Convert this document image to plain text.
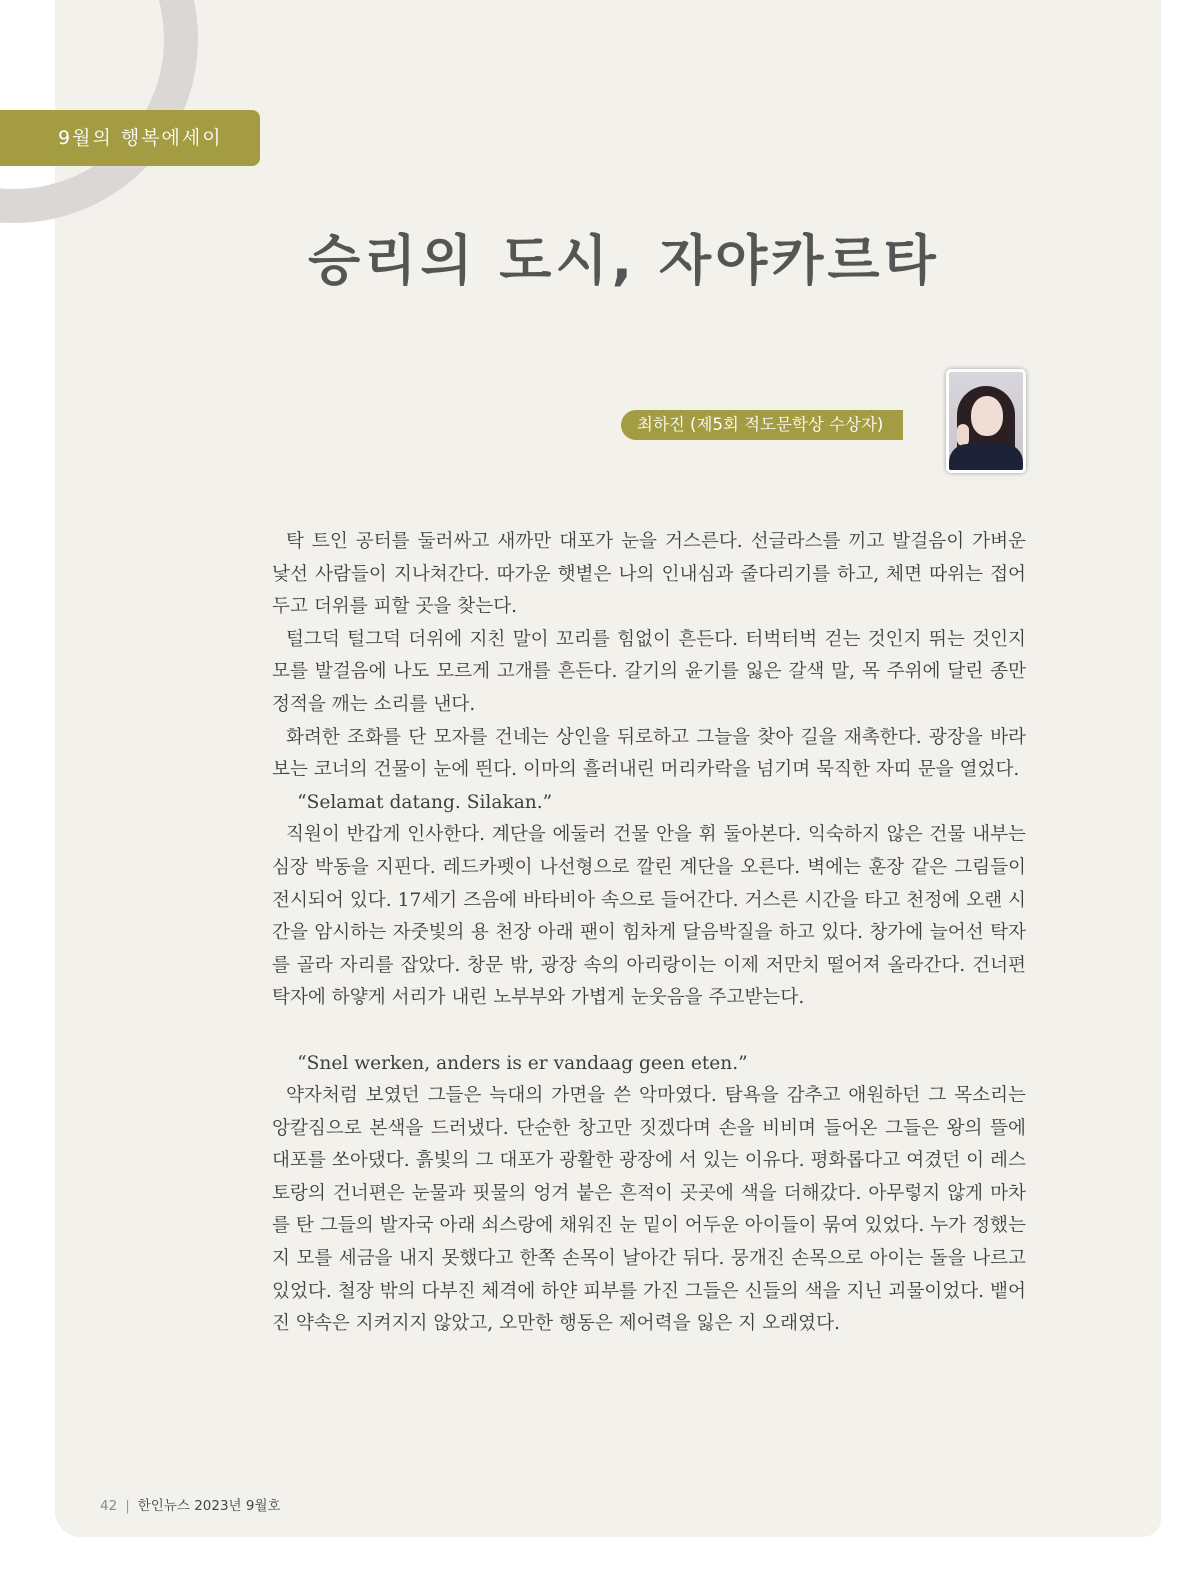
9월의 행복에세이
승리의 도시, 자야카르타
최하진 (제5회 적도문학상 수상자)

탁 트인 공터를 둘러싸고 새까만 대포가 눈을 거스른다. 선글라스를 끼고 발걸음이 가벼운 낯선 사람들이 지나쳐간다. 따가운 햇볕은 나의 인내심과 줄다리기를 하고, 체면 따위는 접어두고 더위를 피할 곳을 찾는다.

털그덕 털그덕 더위에 지친 말이 꼬리를 힘없이 흔든다. 터벅터벅 걷는 것인지 뛰는 것인지 모를 발걸음에 나도 모르게 고개를 흔든다. 갈기의 윤기를 잃은 갈색 말, 목 주위에 달린 종만 정적을 깨는 소리를 낸다.

화려한 조화를 단 모자를 건네는 상인을 뒤로하고 그늘을 찾아 길을 재촉한다. 광장을 바라보는 코너의 건물이 눈에 띈다. 이마의 흘러내린 머리카락을 넘기며 묵직한 자띠 문을 열었다.

“Selamat datang. Silakan.”

직원이 반갑게 인사한다. 계단을 에둘러 건물 안을 휘 둘아본다. 익숙하지 않은 건물 내부는 심장 박동을 지핀다. 레드카펫이 나선형으로 깔린 계단을 오른다. 벽에는 훈장 같은 그림들이 전시되어 있다. 17세기 즈음에 바타비아 속으로 들어간다. 거스른 시간을 타고 천정에 오랜 시간을 암시하는 자줏빛의 용 천장 아래 팬이 힘차게 달음박질을 하고 있다. 창가에 늘어선 탁자를 골라 자리를 잡았다. 창문 밖, 광장 속의 아리랑이는 이제 저만치 떨어져 올라간다. 건너편 탁자에 하얗게 서리가 내린 노부부와 가볍게 눈웃음을 주고받는다.

“Snel werken, anders is er vandaag geen eten.”

약자처럼 보였던 그들은 늑대의 가면을 쓴 악마였다. 탐욕을 감추고 애원하던 그 목소리는 앙칼짐으로 본색을 드러냈다. 단순한 창고만 짓겠다며 손을 비비며 들어온 그들은 왕의 뜰에 대포를 쏘아댔다. 흙빛의 그 대포가 광활한 광장에 서 있는 이유다. 평화롭다고 여겼던 이 레스토랑의 건너편은 눈물과 핏물의 엉겨 붙은 흔적이 곳곳에 색을 더해갔다. 아무렇지 않게 마차를 탄 그들의 발자국 아래 쇠스랑에 채워진 눈 밑이 어두운 아이들이 묶여 있었다. 누가 정했는지 모를 세금을 내지 못했다고 한쪽 손목이 날아간 뒤다. 뭉개진 손목으로 아이는 돌을 나르고 있었다. 철장 밖의 다부진 체격에 하얀 피부를 가진 그들은 신들의 색을 지닌 괴물이었다. 뱉어진 약속은 지켜지지 않았고, 오만한 행동은 제어력을 잃은 지 오래였다.

42 | 한인뉴스 2023년 9월호
